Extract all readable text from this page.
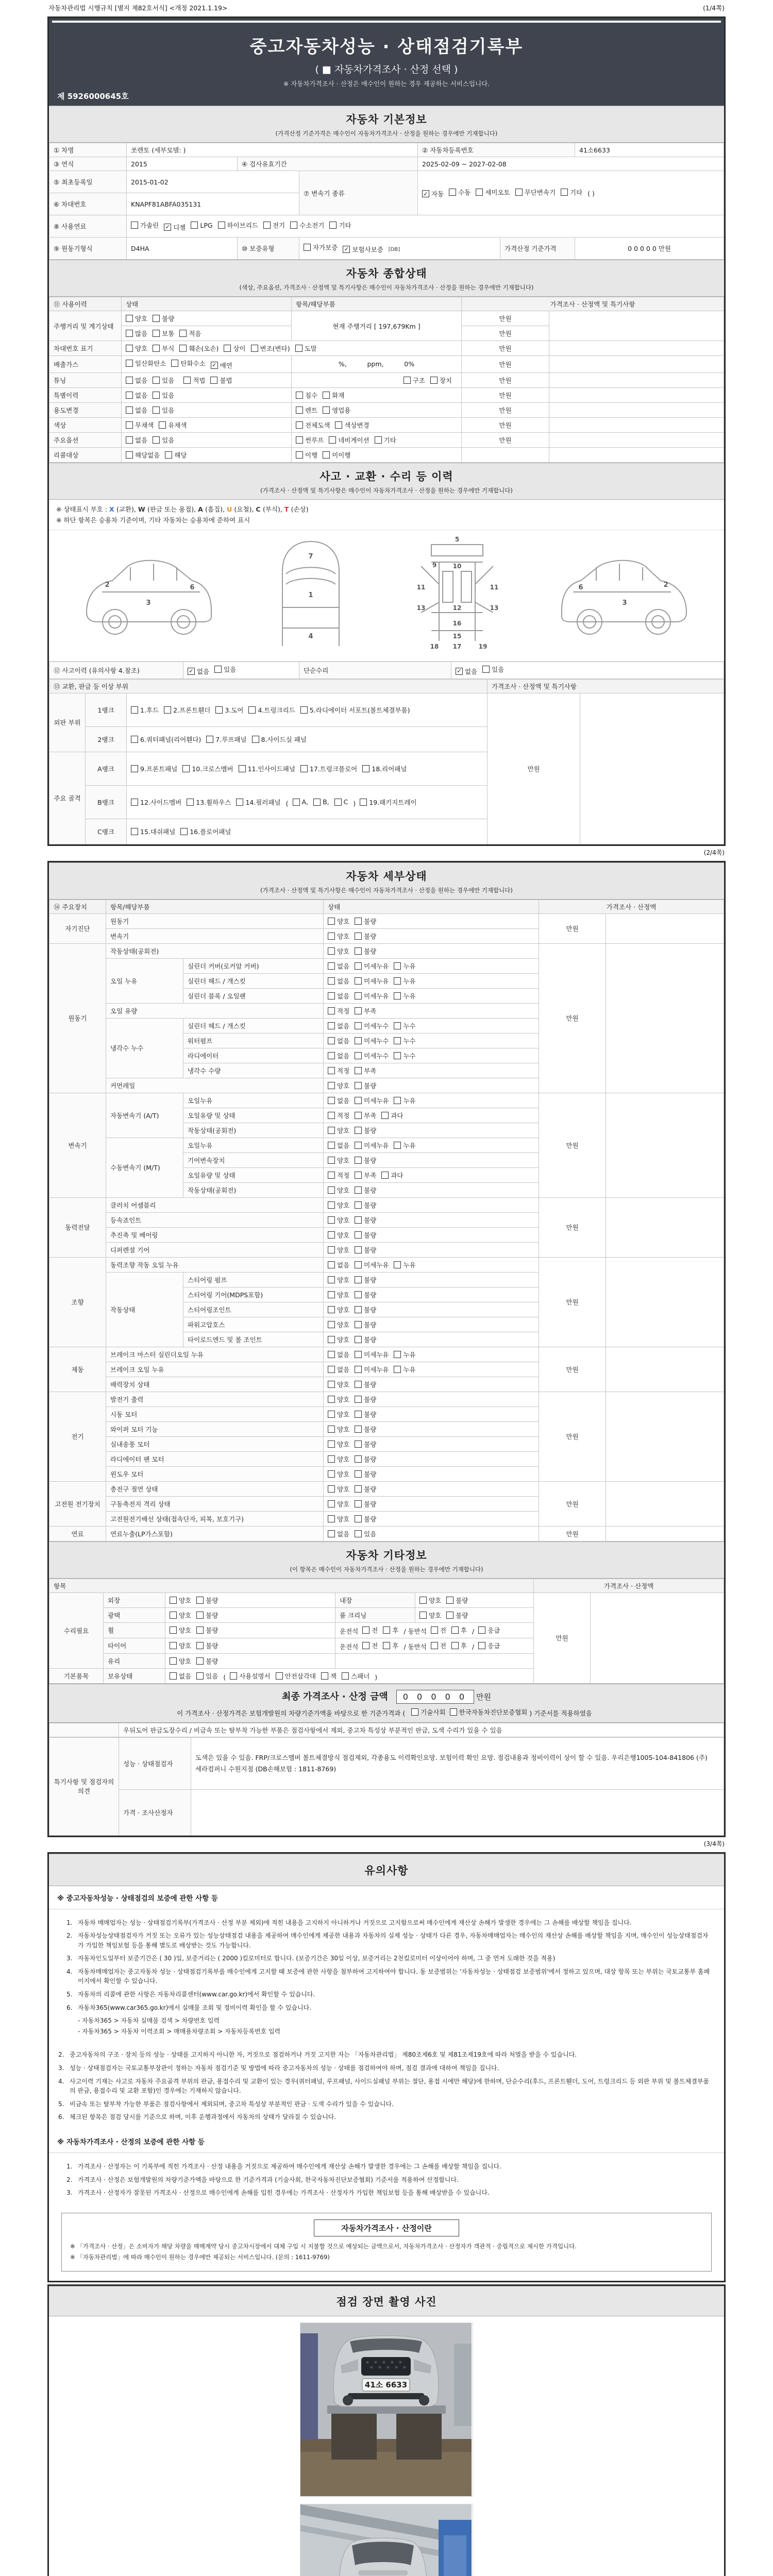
자동차관리법 시행규칙 [별지 제82호서식] <개정 2021.1.19>	(1/4쪽)
중고자동차성능 · 상태점검기록부
( ■ 자동차가격조사 · 산정 선택 )
※ 자동차가격조사 · 산정은 매수인이 원하는 경우 제공하는 서비스입니다.
제 5926000645호
자동차 기본정보
(가격산정 기준가격은 매수인이 자동차가격조사 · 산정을 원하는 경우에만 기재합니다)
① 차명	쏘렌토 (세부모델: )			② 자동차등록번호		41소6633
③ 연식	2015	④ 검사유효기간		2025-02-09 ~ 2027-02-08		
⑤ 최초등록일	2015-01-02	⑦ 변속기 종류	✓ 자동 수동 세미오토 무단변속기 기타 ( )
⑥ 차대번호	KNAPF81ABFA035131					
⑧ 사용연료	가솔린 ✓ 디젤 LPG 하이브리드 전기 수소전기 기타

⑨ 원동기형식	D4HA	⑩ 보증유형	자가보증 ✓ 보험사보증 [DB]		가격산정 기준가격	0 0 0 0 0 만원
자동차 종합상태
(색상, 주요옵션, 가격조사 · 산정액 및 특기사항은 매수인이 자동차가격조사 · 산정을 원하는 경우에만 기재합니다)
⑪ 사용이력	상태	항목/해당부품	가격조사 · 산정액 및 특기사항	
주행거리 및 계기상태	양호 불량	현재 주행거리 [ 197,679Km ]	만원	

	많음 보통 적음		만원	
차대번호 표기	양호 부식 훼손(오손) 상이 변조(변타) 도말	만원	
배출가스	일산화탄소 탄화수소 ✓ 매연	%,          ppm,          0%	만원	
튜닝	없음 있음 적법 불법	구조 장치	만원	
특별이력	없음 있음	침수 화재	만원	
용도변경	없음 있음	렌트 영업용	만원	
색상	무채색 유채색	전체도색 색상변경	만원	
주요옵션	없음 있음	썬루프 네비게이션 기타	만원	
리콜대상	해당없음 해당	이행 미이행		

사고 · 교환 · 수리 등 이력
(가격조사 · 산정액 및 특기사항은 매수인이 자동차가격조사 · 산정을 원하는 경우에만 기재합니다)
※ 상태표시 부호 : X (교환), W (판금 또는 용접), A (흠집), U (요철), C (부식), T (손상)
※ 하단 항목은 승용차 기준이며, 기타 자동차는 승용차에 준하여 표시
2
3
6
1
7
4
5
9
11	11
13	13
10
12
16
15
17
18	19
2
3
6
⑫ 사고이력 (유의사항 4.참조)	✓ 없음 있음	단순수리	✓ 없음 있음
⑬ 교환, 판금 등 이상 부위			가격조사 · 산정액 및 특기사항	
외판 부위	1랭크	1.후드 2.프론트휀더 3.도어 4.트렁크리드 5.라디에이터 서포트(볼트체결부품)	만원	
	2랭크	6.쿼터패널(리어휀다) 7.루프패널 8.사이드실 패널		

주요 골격	A랭크	9.프론트패널 10.크로스멤버 11.인사이드패널 17.트렁크플로어 18.리어패널		

B랭크	12.사이드멤버 13.휠하우스 14.필러패널 ( A, B, C ) 19.패키지트레이

	C랭크	15.대쉬패널 16.플로어패널		
(2/4쪽)
자동차 세부상태
(가격조사 · 산정액 및 특기사항은 매수인이 자동차가격조사 · 산정을 원하는 경우에만 기재합니다)
⑭ 주요장치	항목/해당부품		상태	가격조사 · 산정액	
자기진단	원동기		양호 불량	만원	
	변속기		양호 불량		

원동기	작동상태(공회전)		양호 불량	만원	
	오일 누유	실린더 커버(로커암 커버)	없음 미세누유 누유		

		실린더 헤드 / 개스킷	없음 미세누유 누유		

		실린더 블록 / 오일팬	없음 미세누유 누유		

	오일 유량		적정 부족		

	냉각수 누수	실린더 헤드 / 개스킷	없음 미세누수 누수		

		워터펌프	없음 미세누수 누수		

		라디에이터	없음 미세누수 누수		

		냉각수 수량	적정 부족		

	커먼레일		양호 불량		

변속기	자동변속기 (A/T)	오일누유	없음 미세누유 누유	만원	
		오일유량 및 상태	적정 부족 과다		

		작동상태(공회전)	양호 불량		

	수동변속기 (M/T)	오일누유	없음 미세누유 누유		

		기어변속장치	양호 불량		

		오일유량 및 상태	적정 부족 과다		

		작동상태(공회전)	양호 불량		

동력전달	클러치 어셈블리		양호 불량	만원	
	등속죠인트		양호 불량		

	추진축 및 베어링		양호 불량		

	디퍼렌셜 기어		양호 불량		

조향	동력조향 작동 오일 누유		없음 미세누유 누유	만원	
	작동상태	스티어링 펌프	양호 불량		

		스티어링 기어(MDPS포함)	양호 불량		

		스티어링조인트	양호 불량		

		파워고압호스	양호 불량		

		타이로드엔드 및 볼 조인트	양호 불량		

제동	브레이크 마스터 실린더오일 누유		없음 미세누유 누유	만원	
	브레이크 오일 누유		없음 미세누유 누유		

	배력장치 상태		양호 불량		

전기	발전기 출력		양호 불량	만원	
	시동 모터		양호 불량		

	와이퍼 모터 기능		양호 불량		

	실내송풍 모터		양호 불량		

	라디에이터 팬 모터		양호 불량		

	윈도우 모터		양호 불량		

고전원 전기장치	충전구 절연 상태		양호 불량	만원	
	구동축전지 격리 상태		양호 불량		

	고전원전기배선 상태(접속단자, 피복, 보호기구)		양호 불량		

연료	연료누출(LP가스포함)		없음 있음	만원	
자동차 기타정보
(이 항목은 매수인이 자동차가격조사 · 산정을 원하는 경우에만 기재합니다)
항목					가격조사 · 산정액	
수리필요	외장	양호 불량	내장	양호 불량	만원	
	광택	양호 불량	룸 크리닝	양호 불량		

휠	양호 불량	운전석 전 후 / 동반석 전 후 / 응급

타이어	양호 불량	운전석 전 후 / 동반석 전 후 / 응급

	유리	양호 불량				

기본품목	보유상태	없음 있음 ( 사용설명서 안전삼각대 잭 스패너 )
최종 가격조사 · 산정 금액 0 0 0 0 0 만원
이 가격조사 · 산정가격은 보험개발원의 차량기준가액을 바탕으로 한 기준가격과 ( 기술사회 한국자동차진단보증협회 ) 기준서를 적용하였음
	우뒤도어 판금도장수리 / 비금속 또는 탈부착 가능한 부품은 점검사항에서 제외, 중고차 특성상 부분적인 판금, 도색 수리가 있을 수 있음
특기사항 및 점검자의 의견	성능 · 상태점검자	도색은 있을 수 있음. FRP/크로스멤버 볼트체결방식 점검제외, 각종용도 이력확인요망. 보험이력 확인 요망. 점검내용과 정비이력이 상이 할 수 있음. 우리은행1005-104-841806 (주)세라컴퍼니 수원지점 (DB손해보험 : 1811-8769)
	가격 · 조사산정자	
(3/4쪽)
유의사항
※ 중고자동차성능 · 상태점검의 보증에 관한 사항 등
1. 자동차 매매업자는 성능 · 상태점검기록부(가격조사 · 산정 부분 제외)에 적힌 내용을 고지하지 아니하거나 거짓으로 고지함으로써 매수인에게 재산상 손해가 발생한 경우에는 그 손해를 배상할 책임을 집니다.
2. 자동차성능상태점검자가 거짓 또는 오류가 있는 성능상태점검 내용을 제공하여 매수인에게 제공한 내용과 자동차의 실제 성능 · 상태가 다른 경우, 자동차매매업자는 매수인의 재산상 손해를 배상할 책임을 지며, 매수인이 성능상태점검자가 가입한 책임보험 등을 통해 별도로 배상받는 것도 가능합니다.
3. 자동차인도일부터 보증기간은 ( 30 )일, 보증거리는 ( 2000 )킬로미터로 합니다. (보증기간은 30일 이상, 보증거리는 2천킬로미터 이상이어야 하며, 그 중 먼저 도래한 것을 적용)
4. 자동차매매업자는 중고자동차 성능 · 상태점검기록부를 매수인에게 고지할 때 보증에 관한 사항을 첨부하여 고지하여야 합니다. 동 보증범위는 '자동차성능 · 상태점검 보증범위'에서 정하고 있으며, 대상 항목 또는 부위는 국토교통부 홈페이지에서 확인할 수 있습니다.
5. 자동차의 리콜에 관한 사항은 자동차리콜센터(www.car.go.kr)에서 확인할 수 있습니다.
6. 자동차365(www.car365.go.kr)에서 실매물 조회 및 정비이력 확인을 할 수 있습니다.
- 자동차365 > 자동차 실매물 검색 > 차량번호 입력
- 자동차365 > 자동차 이력조회 > 매매용차량조회 > 자동차등록번호 입력
2. 중고자동차의 구조 · 장치 등의 성능 · 상태를 고지하지 아니한 자, 거짓으로 점검하거나 거짓 고지한 자는 「자동차관리법」 제80조제6호 및 제81조제19호에 따라 처벌을 받을 수 있습니다.
3. 성능 · 상태점검자는 국토교통부장관이 정하는 자동차 점검기준 및 방법에 따라 중고자동차의 성능 · 상태를 점검하여야 하며, 점검 결과에 대하여 책임을 집니다.
4. 사고이력 기재는 사고로 자동차 주요골격 부위의 판금, 용접수리 및 교환이 있는 경우(쿼터패널, 루프패널, 사이드실패널 부위는 절단, 용접 시에만 해당)에 한하며, 단순수리(후드, 프론트휀더, 도어, 트렁크리드 등 외판 부위 및 볼트체결부품의 판금, 용접수리 및 교환 포함)인 경우에는 기재하지 않습니다.
5. 비금속 또는 탈부착 가능한 부품은 점검사항에서 제외되며, 중고차 특성상 부분적인 판금 · 도색 수리가 있을 수 있습니다.
6. 체크된 항목은 점검 당시를 기준으로 하며, 이후 운행과정에서 자동차의 상태가 달라질 수 있습니다.
※ 자동차가격조사 · 산정의 보증에 관한 사항 등
1. 가격조사 · 산정자는 이 기록부에 적힌 가격조사 · 산정 내용을 거짓으로 제공하여 매수인에게 재산상 손해가 발생한 경우에는 그 손해를 배상할 책임을 집니다.
2. 가격조사 · 산정은 보험개발원의 차량기준가액을 바탕으로 한 기준가격과 (기술사회, 한국자동차진단보증협회) 기준서를 적용하여 산정합니다.
3. 가격조사 · 산정자가 잘못된 가격조사 · 산정으로 매수인에게 손해를 입힌 경우에는 가격조사 · 산정자가 가입한 책임보험 등을 통해 배상받을 수 있습니다.
자동차가격조사 · 산정이란
※ 「가격조사 · 산정」은 소비자가 해당 차량을 매매계약 당시 중고차시장에서 대체 구입 시 지불할 것으로 예상되는 금액으로서, 자동차가격조사 · 산정자가 객관적 · 중립적으로 제시한 가격입니다.
※ 「자동차관리법」에 따라 매수인이 원하는 경우에만 제공되는 서비스입니다. (문의 : 1611-9769)
점검 장면 촬영 사진
41소 6633
